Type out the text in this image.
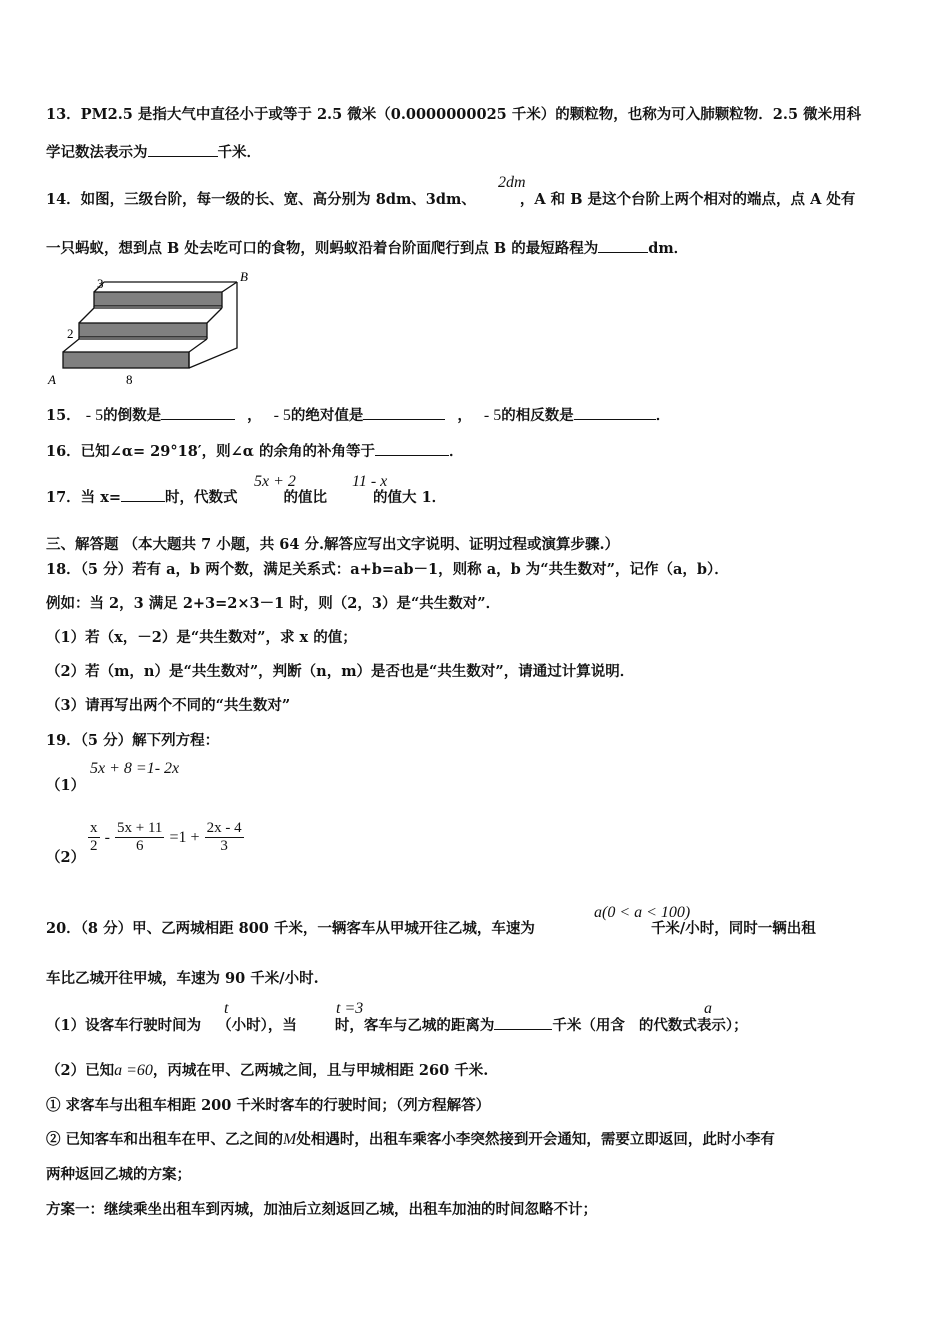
13．PM2.5 是指大气中直径小于或等于 2.5 微米（0.0000000025 千米）的颗粒物，也称为可入肺颗粒物．2.5 微米用科
学记数法表示为	千米．
2dm
14．如图，三级台阶，每一级的长、宽、高分别为 8dm、3dm、	，A 和 B 是这个台阶上两个相对的端点，点 A 处有
一只蚂蚁，想到点 B 处去吃可口的食物，则蚂蚁沿着台阶面爬行到点 B 的最短路程为	dm．
3
2
8
A
B
15． - 5的倒数是	， - 5的绝对值是	， - 5的相反数是	．
16．已知∠α= 29°18′，则∠α 的余角的补角等于	．
5x + 2	11 - x
17．当 x=	时，代数式	的值比	的值大 1．
三、解答题 （本大题共 7 小题，共 64 分.解答应写出文字说明、证明过程或演算步骤.）
18．（5 分）若有 a，b 两个数，满足关系式：a+b=ab－1，则称 a，b 为“共生数对”，记作（a，b）．
例如：当 2，3 满足 2+3=2×3－1 时，则（2，3）是“共生数对”．
（1）若（x，－2）是“共生数对”，求 x 的值；
（2）若（m，n）是“共生数对”，判断（n，m）是否也是“共生数对”，请通过计算说明．
（3）请再写出两个不同的“共生数对”
19．（5 分）解下列方程：
（1）
5x + 8 =1- 2x
（2）
$\frac{x}{2} - \frac{5x + 11}{6} =1 + \frac{2x - 4}{3}$
a(0 < a < 100)
20．（8 分）甲、乙两城相距 800 千米，一辆客车从甲城开往乙城，车速为	千米/小时，同时一辆出租
车比乙城开往甲城，车速为 90 千米/小时.
t	t =3	a
（1）设客车行驶时间为 （小时），当	时，客车与乙城的距离为	千米（用含 的代数式表示）；
（2）已知a =60，丙城在甲、乙两城之间，且与甲城相距 260 千米.
① 求客车与出租车相距 200 千米时客车的行驶时间；（列方程解答）
② 已知客车和出租车在甲、乙之间的M处相遇时，出租车乘客小李突然接到开会通知，需要立即返回，此时小李有
两种返回乙城的方案；
方案一：继续乘坐出租车到丙城，加油后立刻返回乙城，出租车加油的时间忽略不计；
